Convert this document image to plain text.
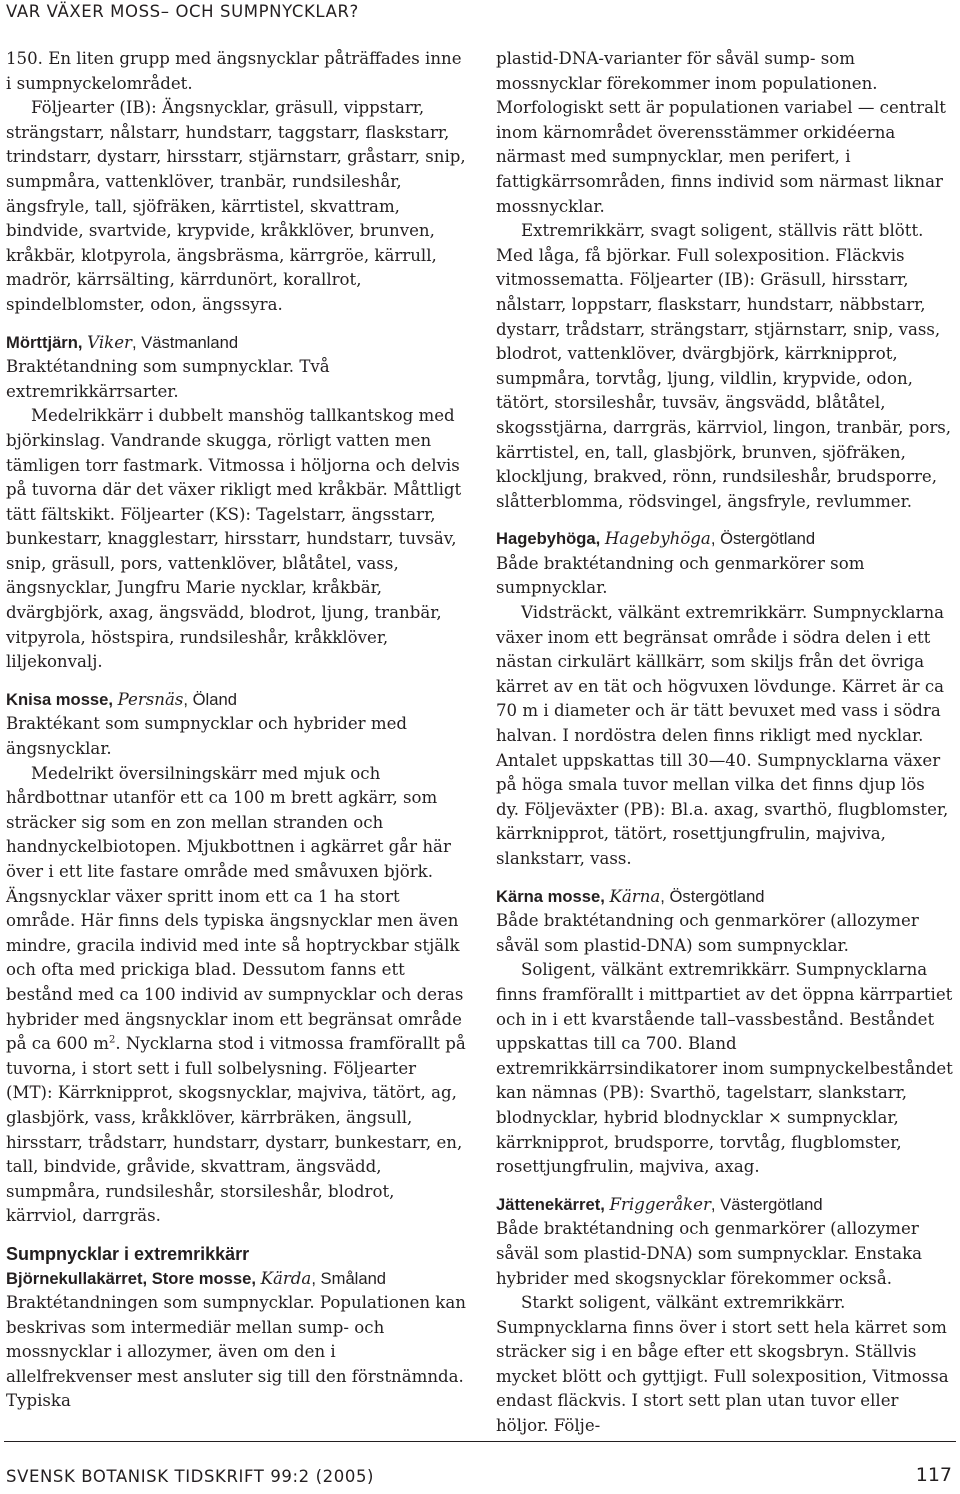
VAR VÄXER MOSS– OCH SUMPNYCKLAR?

150. En liten grupp med ängsnycklar påträffades inne i sumpnyckelområdet.

Följearter (IB): Ängsnycklar, gräsull, vippstarr, strängstarr, nålstarr, hundstarr, taggstarr, flaskstarr, trindstarr, dystarr, hirsstarr, stjärnstarr, gråstarr, snip, sumpmåra, vattenklöver, tranbär, rundsileshår, ängsfryle, tall, sjöfräken, kärrtistel, skvattram, bindvide, svartvide, krypvide, kråkklöver, brunven, kråkbär, klotpyrola, ängsbräsma, kärrgröe, kärrull, madrör, kärrsälting, kärrdunört, korallrot, spindelblomster, odon, ängssyra.

Mörttjärn, Viker, Västmanland

Braktétandning som sumpnycklar. Två extremrikkärrsarter.

Medelrikkärr i dubbelt manshög tallkantskog med björkinslag. Vandrande skugga, rörligt vatten men tämligen torr fastmark. Vitmossa i höljorna och delvis på tuvorna där det växer rikligt med kråkbär. Måttligt tätt fältskikt. Följearter (KS): Tagelstarr, ängsstarr, bunkestarr, knagglestarr, hirsstarr, hundstarr, tuvsäv, snip, gräsull, pors, vattenklöver, blåtåtel, vass, ängsnycklar, Jungfru Marie nycklar, kråkbär, dvärgbjörk, axag, ängsvädd, blodrot, ljung, tranbär, vitpyrola, höstspira, rundsileshår, kråkklöver, liljekonvalj.

Knisa mosse, Persnäs, Öland

Braktékant som sumpnycklar och hybrider med ängsnycklar.

Medelrikt översilningskärr med mjuk och hårdbottnar utanför ett ca 100 m brett agkärr, som sträcker sig som en zon mellan stranden och handnyckelbiotopen. Mjukbottnen i agkärret går här över i ett lite fastare område med småvuxen björk. Ängsnycklar växer spritt inom ett ca 1 ha stort område. Här finns dels typiska ängsnycklar men även mindre, gracila individ med inte så hoptryckbar stjälk och ofta med prickiga blad. Dessutom fanns ett bestånd med ca 100 individ av sumpnycklar och deras hybrider med ängsnycklar inom ett begränsat område på ca 600 $m^2$. Nycklarna stod i vitmossa framförallt på tuvorna, i stort sett i full solbelysning. Följearter (MT): Kärrknipprot, skogsnycklar, majviva, tätört, ag, glasbjörk, vass, kråkklöver, kärrbräken, ängsull, hirsstarr, trådstarr, hundstarr, dystarr, bunkestarr, en, tall, bindvide, gråvide, skvattram, ängsvädd, sumpmåra, rundsileshår, storsileshår, blodrot, kärrviol, darrgräs.

Sumpnycklar i extremrikkärr

Björnekullakärret, Store mosse, Kärda, Småland

Braktétandningen som sumpnycklar. Populationen kan beskrivas som intermediär mellan sump- och mossnycklar i allozymer, även om den i allelfrekvenser mest ansluter sig till den förstnämnda. Typiska

plastid-DNA-varianter för såväl sump- som mossnycklar förekommer inom populationen. Morfologiskt sett är populationen variabel — centralt inom kärnområdet överensstämmer orkidéerna närmast med sumpnycklar, men perifert, i fattigkärrsområden, finns individ som närmast liknar mossnycklar.

Extremrikkärr, svagt soligent, ställvis rätt blött. Med låga, få björkar. Full solexposition. Fläckvis vitmossematta. Följearter (IB): Gräsull, hirsstarr, nålstarr, loppstarr, flaskstarr, hundstarr, näbbstarr, dystarr, trådstarr, strängstarr, stjärnstarr, snip, vass, blodrot, vattenklöver, dvärgbjörk, kärrknipprot, sumpmåra, torvtåg, ljung, vildlin, krypvide, odon, tätört, storsileshår, tuvsäv, ängsvädd, blåtåtel, skogsstjärna, darrgräs, kärrviol, lingon, tranbär, pors, kärrtistel, en, tall, glasbjörk, brunven, sjöfräken, klockljung, brakved, rönn, rundsileshår, brudsporre, slåtterblomma, rödsvingel, ängsfryle, revlummer.

Hagebyhöga, Hagebyhöga, Östergötland

Både braktétandning och genmarkörer som sumpnycklar.

Vidsträckt, välkänt extremrikkärr. Sumpnycklarna växer inom ett begränsat område i södra delen i ett nästan cirkulärt källkärr, som skiljs från det övriga kärret av en tät och högvuxen lövdunge. Kärret är ca 70 m i diameter och är tätt bevuxet med vass i södra halvan. I nordöstra delen finns rikligt med nycklar. Antalet uppskattas till 30—40. Sumpnycklarna växer på höga smala tuvor mellan vilka det finns djup lös dy. Följeväxter (PB): Bl.a. axag, svarthö, flugblomster, kärrknipprot, tätört, rosettjungfrulin, majviva, slankstarr, vass.

Kärna mosse, Kärna, Östergötland

Både braktétandning och genmarkörer (allozymer såväl som plastid-DNA) som sumpnycklar.

Soligent, välkänt extremrikkärr. Sumpnycklarna finns framförallt i mittpartiet av det öppna kärrpartiet och in i ett kvarstående tall–vassbestånd. Beståndet uppskattas till ca 700. Bland extremrikkärrsindikatorer inom sumpnyckelbeståndet kan nämnas (PB): Svarthö, tagelstarr, slankstarr, blodnycklar, hybrid blodnycklar × sumpnycklar, kärrknipprot, brudsporre, torvtåg, flugblomster, rosettjungfrulin, majviva, axag.

Jättenekärret, Friggeråker, Västergötland

Både braktétandning och genmarkörer (allozymer såväl som plastid-DNA) som sumpnycklar. Enstaka hybrider med skogsnycklar förekommer också.

Starkt soligent, välkänt extremrikkärr. Sumpnycklarna finns över i stort sett hela kärret som sträcker sig i en båge efter ett skogsbryn. Ställvis mycket blött och gyttjigt. Full solexposition, Vitmossa endast fläckvis. I stort sett plan utan tuvor eller höljor. Följe-

SVENSK BOTANISK TIDSKRIFT 99:2 (2005)	117
